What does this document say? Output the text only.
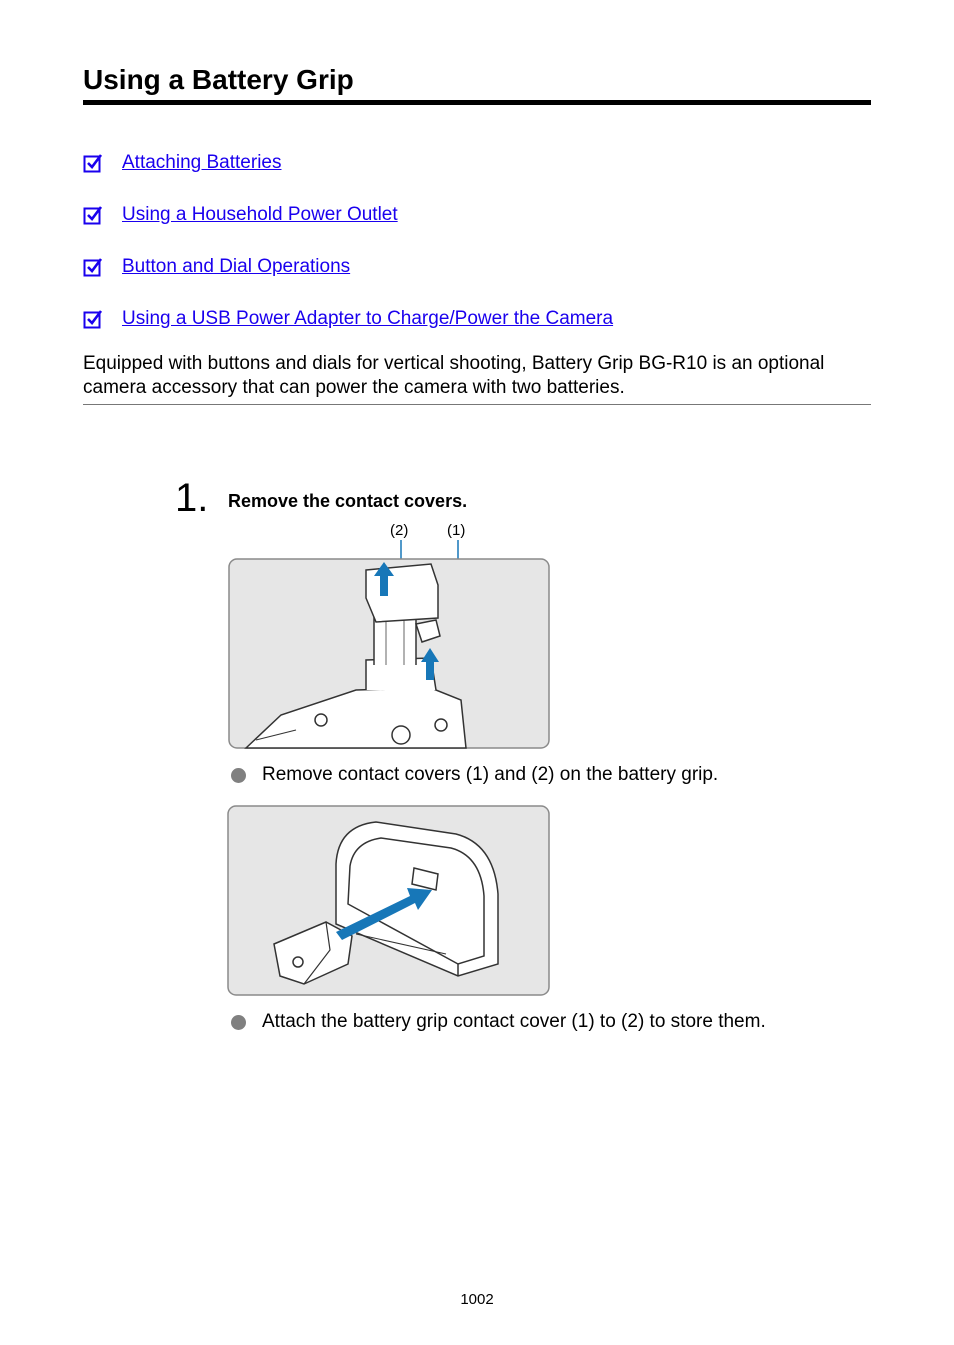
Using a Battery Grip
Attaching Batteries
Using a Household Power Outlet
Button and Dial Operations
Using a USB Power Adapter to Charge/Power the Camera

Equipped with buttons and dials for vertical shooting, Battery Grip BG-R10 is an optional camera accessory that can power the camera with two batteries.

1. Remove the contact covers.
(2)	(1)
Remove contact covers (1) and (2) on the battery grip.
Attach the battery grip contact cover (1) to (2) to store them.
1002
